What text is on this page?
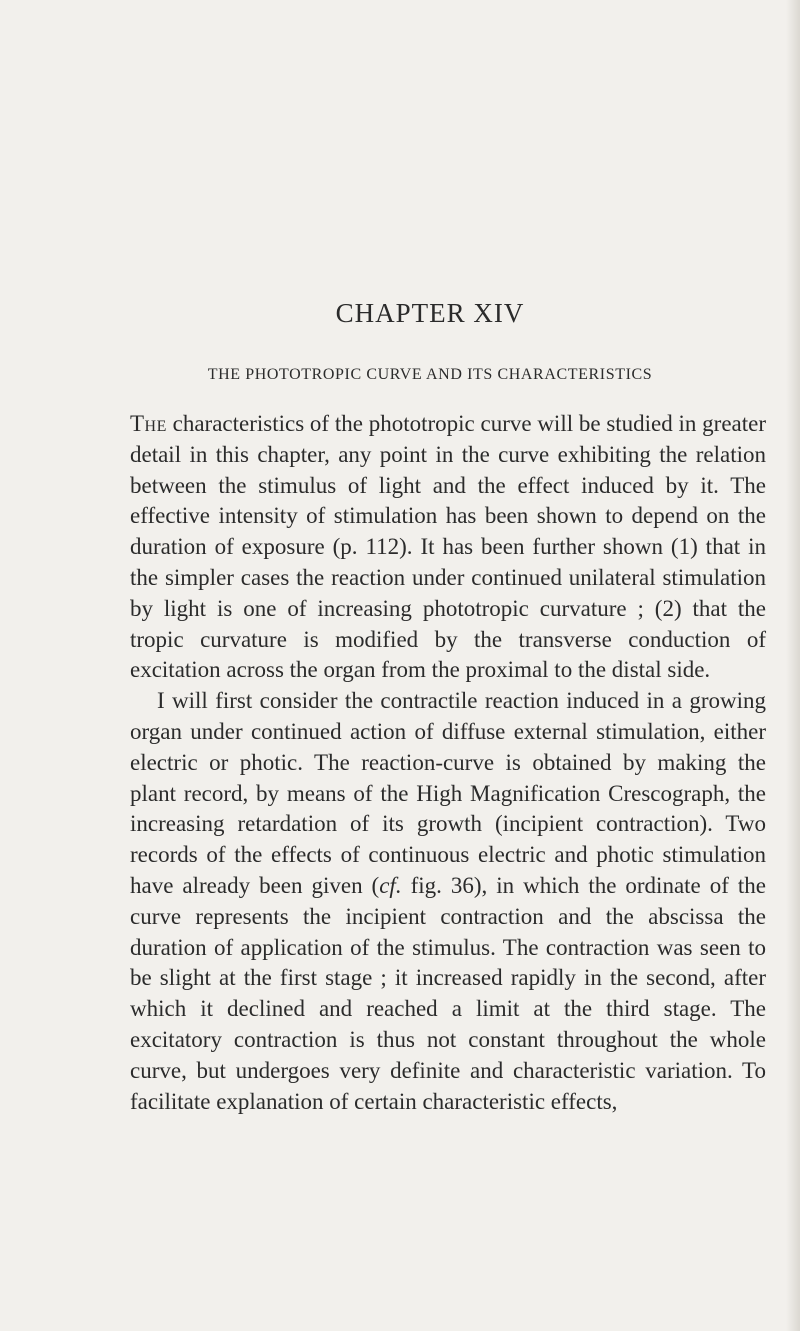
CHAPTER XIV
THE PHOTOTROPIC CURVE AND ITS CHARACTERISTICS

The characteristics of the phototropic curve will be studied in greater detail in this chapter, any point in the curve exhibiting the relation between the stimulus of light and the effect induced by it. The effective intensity of stimulation has been shown to depend on the duration of exposure (p. 112). It has been further shown (1) that in the simpler cases the reaction under continued unilateral stimulation by light is one of increasing phototropic curvature ; (2) that the tropic curvature is modified by the transverse conduction of excitation across the organ from the proximal to the distal side.

I will first consider the contractile reaction induced in a growing organ under continued action of diffuse external stimulation, either electric or photic. The reaction-curve is obtained by making the plant record, by means of the High Magnification Crescograph, the increasing retardation of its growth (incipient contraction). Two records of the effects of continuous electric and photic stimulation have already been given (cf. fig. 36), in which the ordinate of the curve represents the incipient contraction and the abscissa the duration of application of the stimulus. The contraction was seen to be slight at the first stage ; it increased rapidly in the second, after which it declined and reached a limit at the third stage. The excitatory contraction is thus not constant throughout the whole curve, but undergoes very definite and characteristic variation. To facilitate explanation of certain characteristic effects,
